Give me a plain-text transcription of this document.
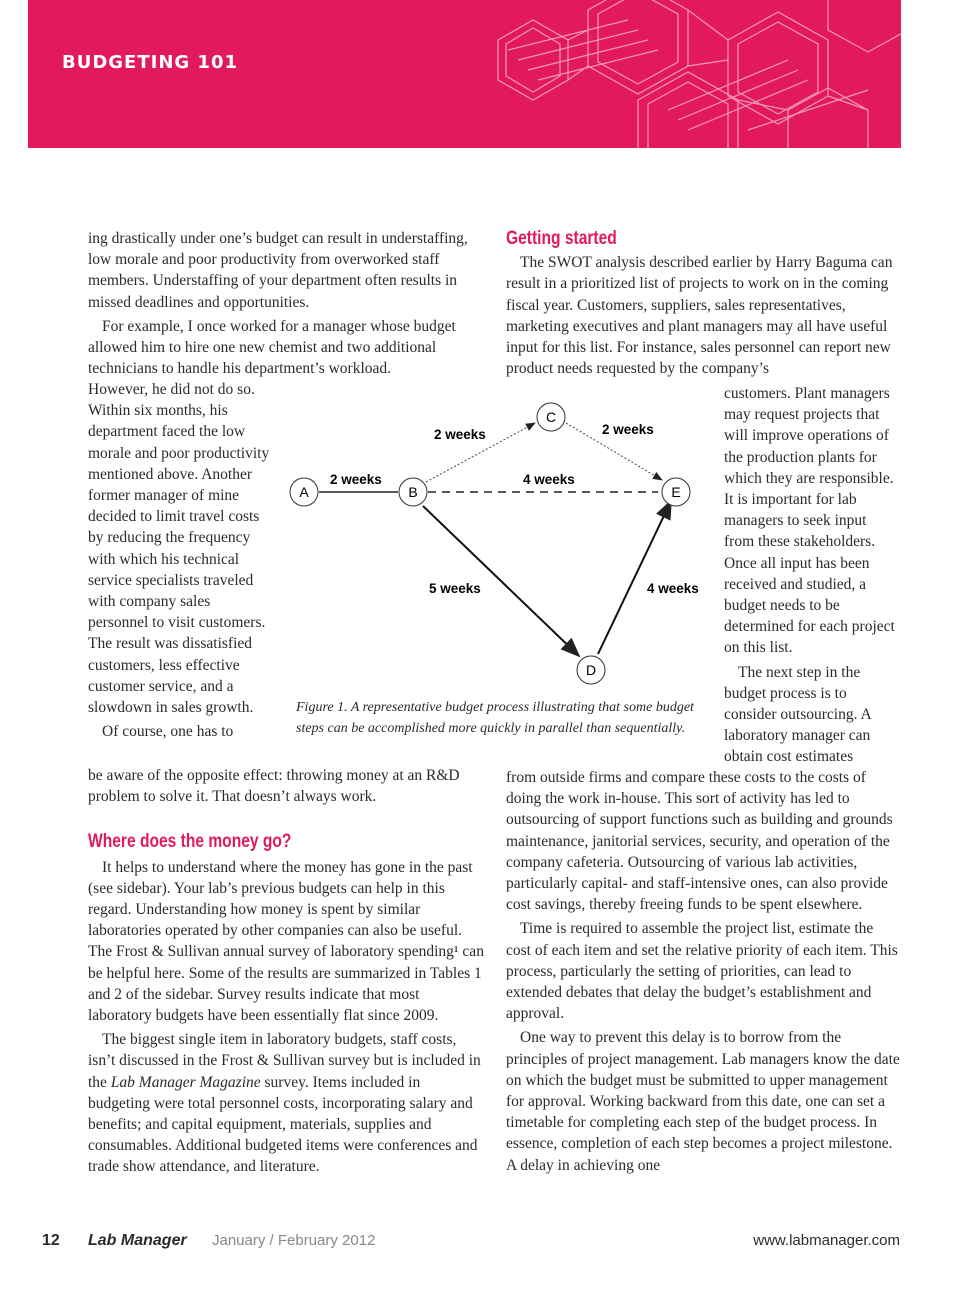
BUDGETING 101

ing drastically under one’s budget can result in understaffing, low morale and poor productivity from overworked staff members. Understaffing of your department often results in missed deadlines and opportunities.

For example, I once worked for a manager whose budget allowed him to hire one new chemist and two additional technicians to handle his department’s workload.

However, he did not do so. Within six months, his department faced the low morale and poor productivity mentioned above. Another former manager of mine decided to limit travel costs by reducing the frequency with which his technical service specialists traveled with company sales personnel to visit customers. The result was dissatisfied customers, less effective customer service, and a slowdown in sales growth.

Of course, one has to

be aware of the opposite effect: throwing money at an R&D problem to solve it. That doesn’t always work.

Where does the money go?

It helps to understand where the money has gone in the past (see sidebar). Your lab’s previous budgets can help in this regard. Understanding how money is spent by similar laboratories operated by other companies can also be useful. The Frost & Sullivan annual survey of laboratory spending¹ can be helpful here. Some of the results are summarized in Tables 1 and 2 of the sidebar. Survey results indicate that most laboratory budgets have been essentially flat since 2009.

The biggest single item in laboratory budgets, staff costs, isn’t discussed in the Frost & Sullivan survey but is included in the Lab Manager Magazine survey. Items included in budgeting were total personnel costs, incorporating salary and benefits; and capital equipment, materials, supplies and consumables. Additional budgeted items were conferences and trade show attendance, and literature.

Getting started

The SWOT analysis described earlier by Harry Baguma can result in a prioritized list of projects to work on in the coming fiscal year. Customers, suppliers, sales representatives, marketing executives and plant managers may all have useful input for this list. For instance, sales personnel can report new product needs requested by the company’s

customers. Plant managers may request projects that will improve operations of the production plants for which they are responsible. It is important for lab managers to seek input from these stakeholders. Once all input has been received and studied, a budget needs to be determined for each project on this list.

The next step in the budget process is to consider outsourcing. A laboratory manager can obtain cost estimates

from outside firms and compare these costs to the costs of doing the work in-house. This sort of activity has led to outsourcing of support functions such as building and grounds maintenance, janitorial services, security, and operation of the company cafeteria. Outsourcing of various lab activities, particularly capital- and staff-intensive ones, can also provide cost savings, thereby freeing funds to be spent elsewhere.

Time is required to assemble the project list, estimate the cost of each item and set the relative priority of each item. This process, particularly the setting of priorities, can lead to extended debates that delay the budget’s establishment and approval.

One way to prevent this delay is to borrow from the principles of project management. Lab managers know the date on which the budget must be submitted to upper management for approval. Working backward from this date, one can set a timetable for completing each step of the budget process. In essence, completion of each step becomes a project milestone. A delay in achieving one

A	B
C
E
D
2 weeks
2 weeks	2 weeks
4 weeks
5 weeks	4 weeks
Figure 1. A representative budget process illustrating that some budget steps can be accomplished more quickly in parallel than sequentially.
12 Lab Manager January / February 2012	www.labmanager.com
